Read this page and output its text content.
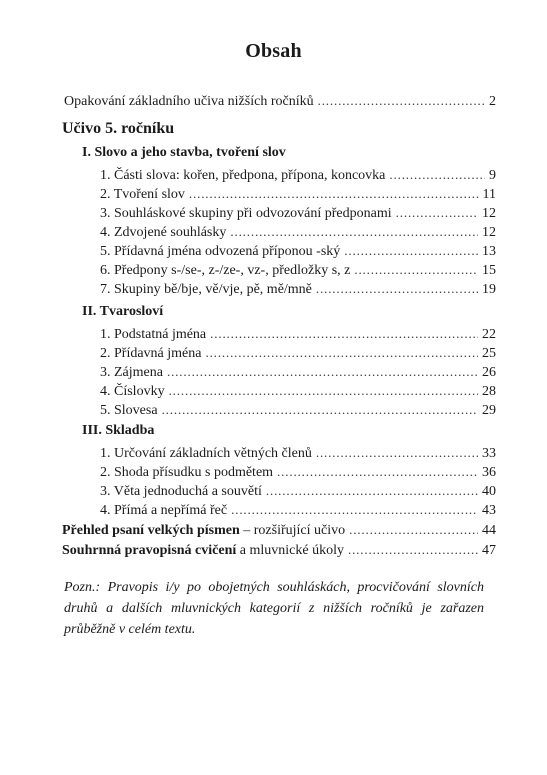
Obsah
Opakování základního učiva nižších ročníků . . .	2
Učivo 5. ročníku
I. Slovo a jeho stavba, tvoření slov
1. Části slova: kořen, předpona, přípona, koncovka . . .	9
2. Tvoření slov . . .	11
3. Souhláskové skupiny při odvozování předponami . . .	12
4. Zdvojené souhlásky . . .	12
5. Přídavná jména odvozená příponou -ský . . .	13
6. Předpony s-/se-, z-/ze-, vz-, předložky s, z . . .	15
7. Skupiny bě/bje, vě/vje, pě, mě/mně . . .	19
II. Tvarosloví
1. Podstatná jména . . .	22
2. Přídavná jména . . .	25
3. Zájmena . . .	26
4. Číslovky . . .	28
5. Slovesa . . .	29
III. Skladba
1. Určování základních větných členů . . .	33
2. Shoda přísudku s podmětem . . .	36
3. Věta jednoduchá a souvětí . . .	40
4. Přímá a nepřímá řeč . . .	43
Přehled psaní velkých písmen – rozšiřující učivo . . .	44
Souhrnná pravopisná cvičení a mluvnické úkoly . . .	47
Pozn.: Pravopis i/y po obojetných souhláskách, procvičování slovních druhů a dalších mluvnických kategorií z nižších ročníků je zařazen průběžně v celém textu.
